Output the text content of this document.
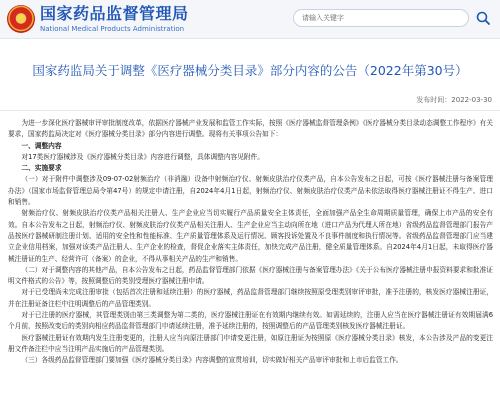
★ 国家药品监督管理局
National Medical Products Administration
请输入关键字
国家药监局关于调整《医疗器械分类目录》部分内容的公告（2022年第30号）
发布时间：2022-03-30

为进一步深化医疗器械审评审批制度改革，依据医疗器械产业发展和监管工作实际，按照《医疗器械监督管理条例》《医疗器械分类目录动态调整工作程序》有关要求，国家药监局决定对《医疗器械分类目录》部分内容进行调整。现将有关事项公告如下：

一、调整内容

对17类医疗器械涉及《医疗器械分类目录》内容进行调整，具体调整内容见附件。

二、实施要求

（一）对于附件中调整涉及09-07-02射频治疗（非消融）设备中射频治疗仪、射频皮肤治疗仪类产品，自本公告发布之日起，可按《医疗器械注册与备案管理办法》（国家市场监督管理总局令第47号）的规定申请注册，自2024年4月1日起，射频治疗仪、射频皮肤治疗仪类产品未依法取得医疗器械注册证不得生产、进口和销售。

射频治疗仪、射频皮肤治疗仪类产品相关注册人、生产企业应当切实履行产品质量安全主体责任，全面加强产品全生命周期质量管理，确保上市产品的安全有效。自本公告发布之日起，射频治疗仪、射频皮肤治疗仪类产品相关注册人、生产企业应当主动向所在地（进口产品为代理人所在地）省级药品监督管理部门报告产品按医疗器械研制注册计划、适用的安全性和性能标准、生产质量管理体系及运行情况、顾客投诉处置及不良事件制度和执行情况等。省级药品监督管理部门应当建立企业信用档案，加强对该类产品注册人、生产企业的检查，督促企业落实主体责任，加快完成产品注册，健全质量管理体系。自2024年4月1日起，未取得医疗器械注册证的生产、经营许可（备案）的企业，不得从事相关产品的生产和销售。

（二）对于调整内容的其他产品，自本公告发布之日起，药品监督管理部门依据《医疗器械注册与备案管理办法》《关于公布医疗器械注册申报资料要求和批准证明文件格式的公告》等，按照调整后的类别受理医疗器械注册申请。

对于已受理尚未完成注册审批（包括首次注册和延续注册）的医疗器械，药品监督管理部门继续按照原受理类别审评审批，准予注册的，核发医疗器械注册证，并在注册证备注栏中注明调整后的产品管理类别。

对于已注册的医疗器械，其管理类别由第三类调整为第二类的，医疗器械注册证在有效期内继续有效。如需延续的，注册人应当在医疗器械注册证有效期届满6个月前，按照改变后的类别向相应药品监督管理部门申请延续注册，准予延续注册的，按照调整后的产品管理类别核发医疗器械注册证。

医疗器械注册证有效期内发生注册变更的，注册人应当向原注册部门申请变更注册，如原注册证为按照原《医疗器械分类目录》核发，本公告涉及产品的变更注册文件备注栏中应当注明产品实施后的产品管理类别。

（三）各级药品监督管理部门要加强《医疗器械分类目录》内容调整的宣贯培训，切实做好相关产品审评审批和上市后监管工作。
